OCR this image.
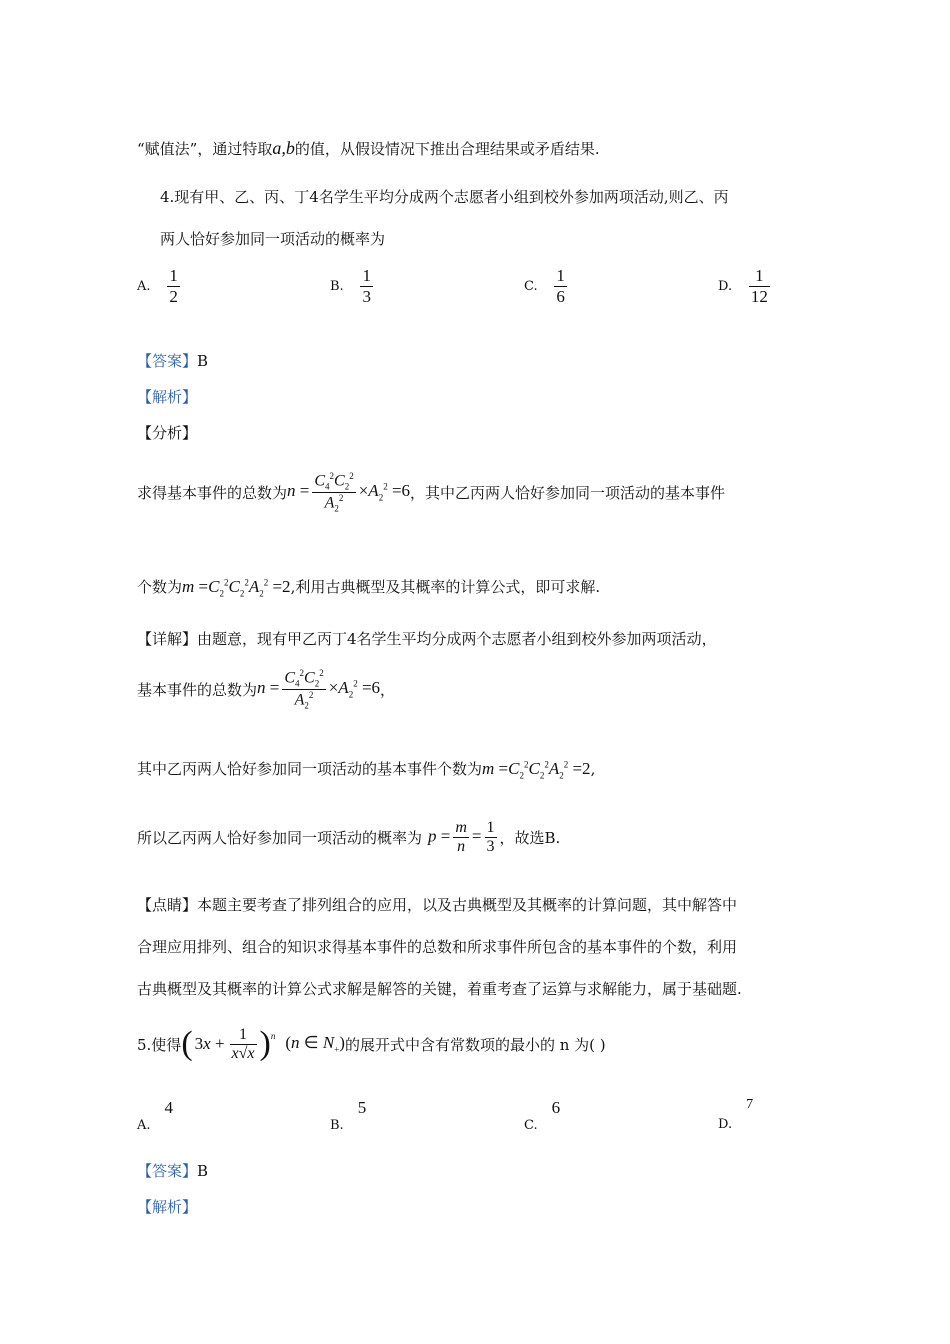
“赋值法”，通过特取a,b的值，从假设情况下推出合理结果或矛盾结果.
4.现有甲、乙、丙、丁4名学生平均分成两个志愿者小组到校外参加两项活动,则乙、丙
两人恰好参加同一项活动的概率为
A. $\frac{1}{2}$	B. $\frac{1}{3}$	C. $\frac{1}{6}$	D. $\frac{1}{12}$
【答案】B
【解析】
【分析】
求得基本事件的总数为 $n = \frac{C_4^2C_2^2}{A_2^2} \times A_2^2 =6$ ，其中乙丙两人恰好参加同一项活动的基本事件
个数为$m =C_2^2C_2^2A_2^2 =2$,利用古典概型及其概率的计算公式，即可求解.
【详解】由题意，现有甲乙丙丁4名学生平均分成两个志愿者小组到校外参加两项活动，
基本事件的总数为 $n = \frac{C_4^2C_2^2}{A_2^2} \times A_2^2 =6$ ，
其中乙丙两人恰好参加同一项活动的基本事件个数为$m =C_2^2C_2^2A_2^2 =2$,
所以乙丙两人恰好参加同一项活动的概率为 $p = \frac{m}{n} = \frac{1}{3}$ ，故选B.
【点睛】本题主要考查了排列组合的应用，以及古典概型及其概率的计算问题，其中解答中
合理应用排列、组合的知识求得基本事件的总数和所求事件所包含的基本事件的个数，利用
古典概型及其概率的计算公式求解是解答的关键，着重考查了运算与求解能力，属于基础题.
5.使得 ( $3x + \frac{1}{x√x}$ ) $^n$ (n ∈ $N_+$) 的展开式中含有常数项的最小的 n 为( )
A.4
B.5
C.6
D.7
【答案】B
【解析】
